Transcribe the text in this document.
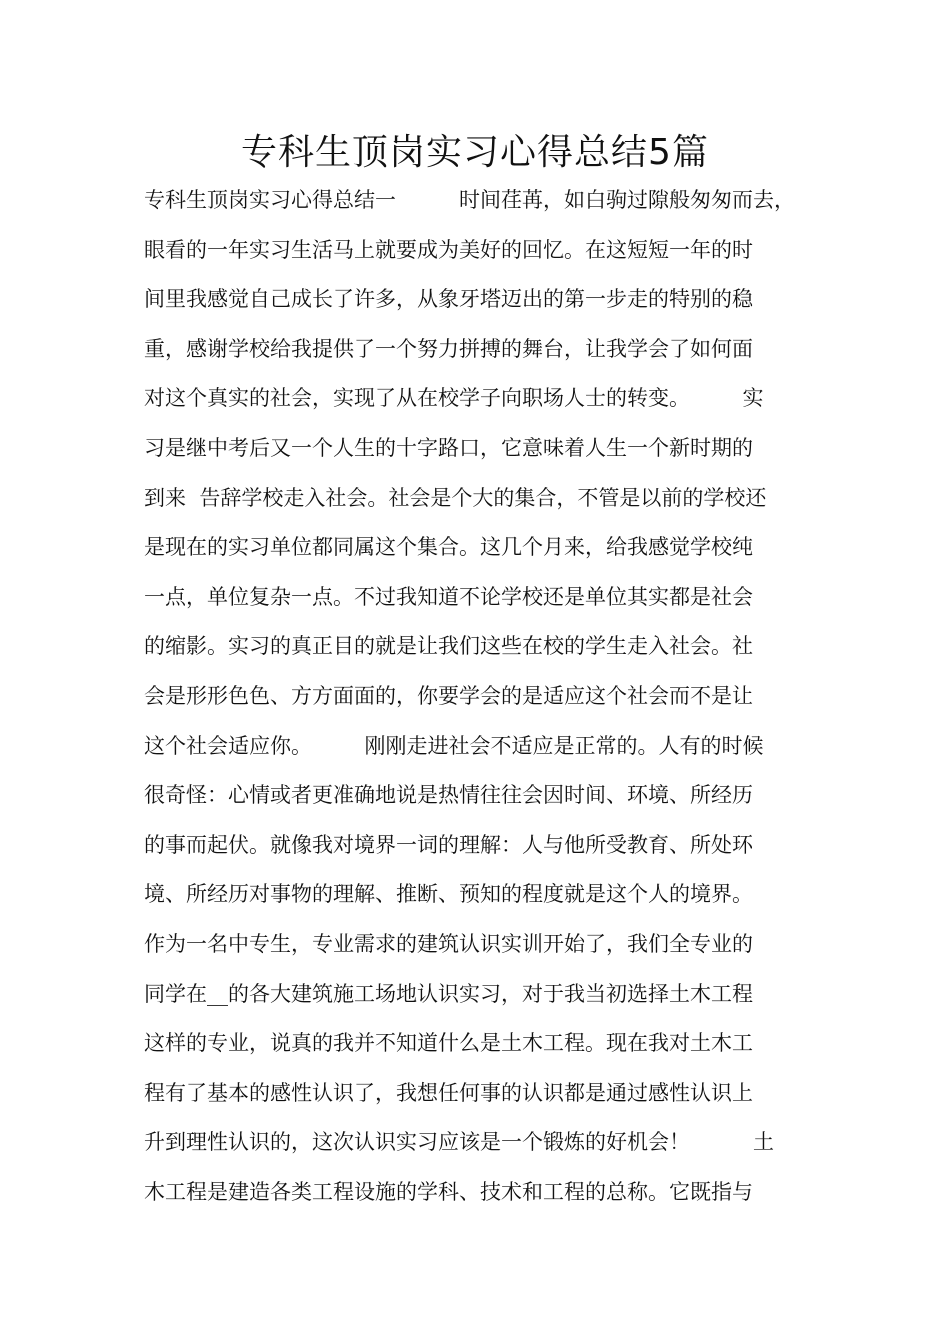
专科生顶岗实习心得总结5篇
专科生顶岗实习心得总结一　　　时间荏苒，如白驹过隙般匆匆而去，
眼看的一年实习生活马上就要成为美好的回忆。在这短短一年的时
间里我感觉自己成长了许多，从象牙塔迈出的第一步走的特别的稳
重，感谢学校给我提供了一个努力拼搏的舞台，让我学会了如何面
对这个真实的社会，实现了从在校学子向职场人士的转变。　　　实
习是继中考后又一个人生的十字路口，它意味着人生一个新时期的
到来  告辞学校走入社会。社会是个大的集合，不管是以前的学校还
是现在的实习单位都同属这个集合。这几个月来，给我感觉学校纯
一点，单位复杂一点。不过我知道不论学校还是单位其实都是社会
的缩影。实习的真正目的就是让我们这些在校的学生走入社会。社
会是形形色色、方方面面的，你要学会的是适应这个社会而不是让
这个社会适应你。　　　刚刚走进社会不适应是正常的。人有的时候
很奇怪：心情或者更准确地说是热情往往会因时间、环境、所经历
的事而起伏。就像我对境界一词的理解：人与他所受教育、所处环
境、所经历对事物的理解、推断、预知的程度就是这个人的境界。
作为一名中专生，专业需求的建筑认识实训开始了，我们全专业的
同学在__的各大建筑施工场地认识实习，对于我当初选择土木工程
这样的专业，说真的我并不知道什么是土木工程。现在我对土木工
程有了基本的感性认识了，我想任何事的认识都是通过感性认识上
升到理性认识的，这次认识实习应该是一个锻炼的好机会！　　　土
木工程是建造各类工程设施的学科、技术和工程的总称。它既指与
